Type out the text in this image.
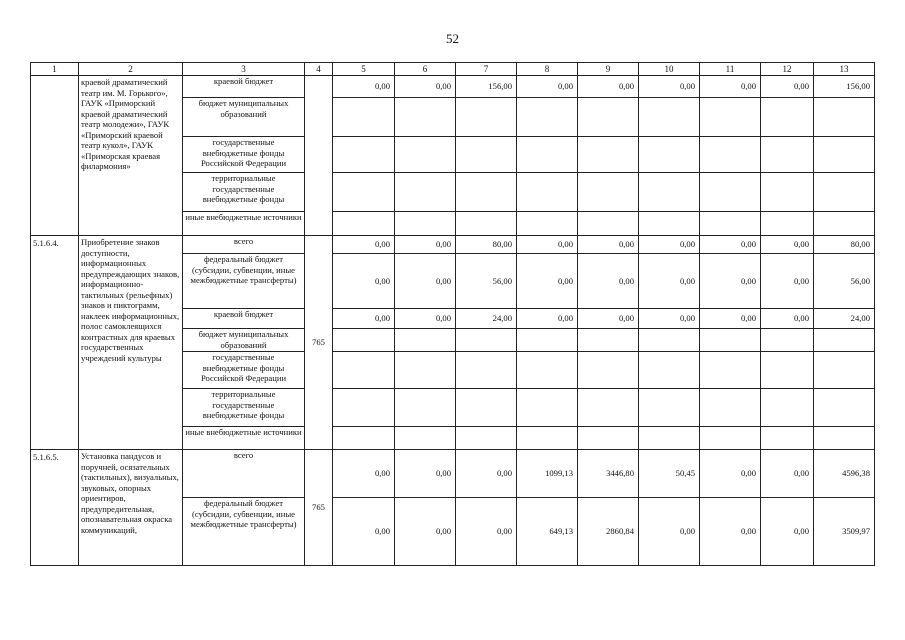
52
1	2	3	4	5	6	7	8	9	10	11	12	13
	краевой драматический театр им. М. Горького», ГАУК «Приморский краевой драматический театр молодежи», ГАУК «Приморский краевой театр кукол», ГАУК «Приморская краевая филармония»	краевой бюджет		0,00	0,00	156,00	0,00	0,00	0,00	0,00	0,00	156,00
		бюджет муниципальных образований										
		государственные внебюджетные фонды Российской Федерации										
		территориальные государственные внебюджетные фонды										
		иные внебюджетные источники										
5.1.6.4.	Приобретение знаков доступности, информационных предупреждающих знаков, информационно-тактильных (рельефных) знаков и пиктограмм, наклеек информационных, полос самоклеящихся контрастных для краевых государственных учреждений культуры	всего	765	0,00	0,00	80,00	0,00	0,00	0,00	0,00	0,00	80,00
		федеральный бюджет (субсидии, субвенции, иные межбюджетные трансферты)		0,00	0,00	56,00	0,00	0,00	0,00	0,00	0,00	56,00
		краевой бюджет		0,00	0,00	24,00	0,00	0,00	0,00	0,00	0,00	24,00
		бюджет муниципальных образований										
		государственные внебюджетные фонды Российской Федерации										
		территориальные государственные внебюджетные фонды										
		иные внебюджетные источники										
5.1.6.5.	Установка пандусов и поручней, осязательных (тактильных), визуальных, звуковых, опорных ориентиров, предупредительная, опознавательная окраска коммуникаций,	всего	765	0,00	0,00	0,00	1099,13	3446,80	50,45	0,00	0,00	4596,38
		федеральный бюджет (субсидии, субвенции, иные межбюджетные трансферты)		0,00	0,00	0,00	649,13	2860,84	0,00	0,00	0,00	3509,97
